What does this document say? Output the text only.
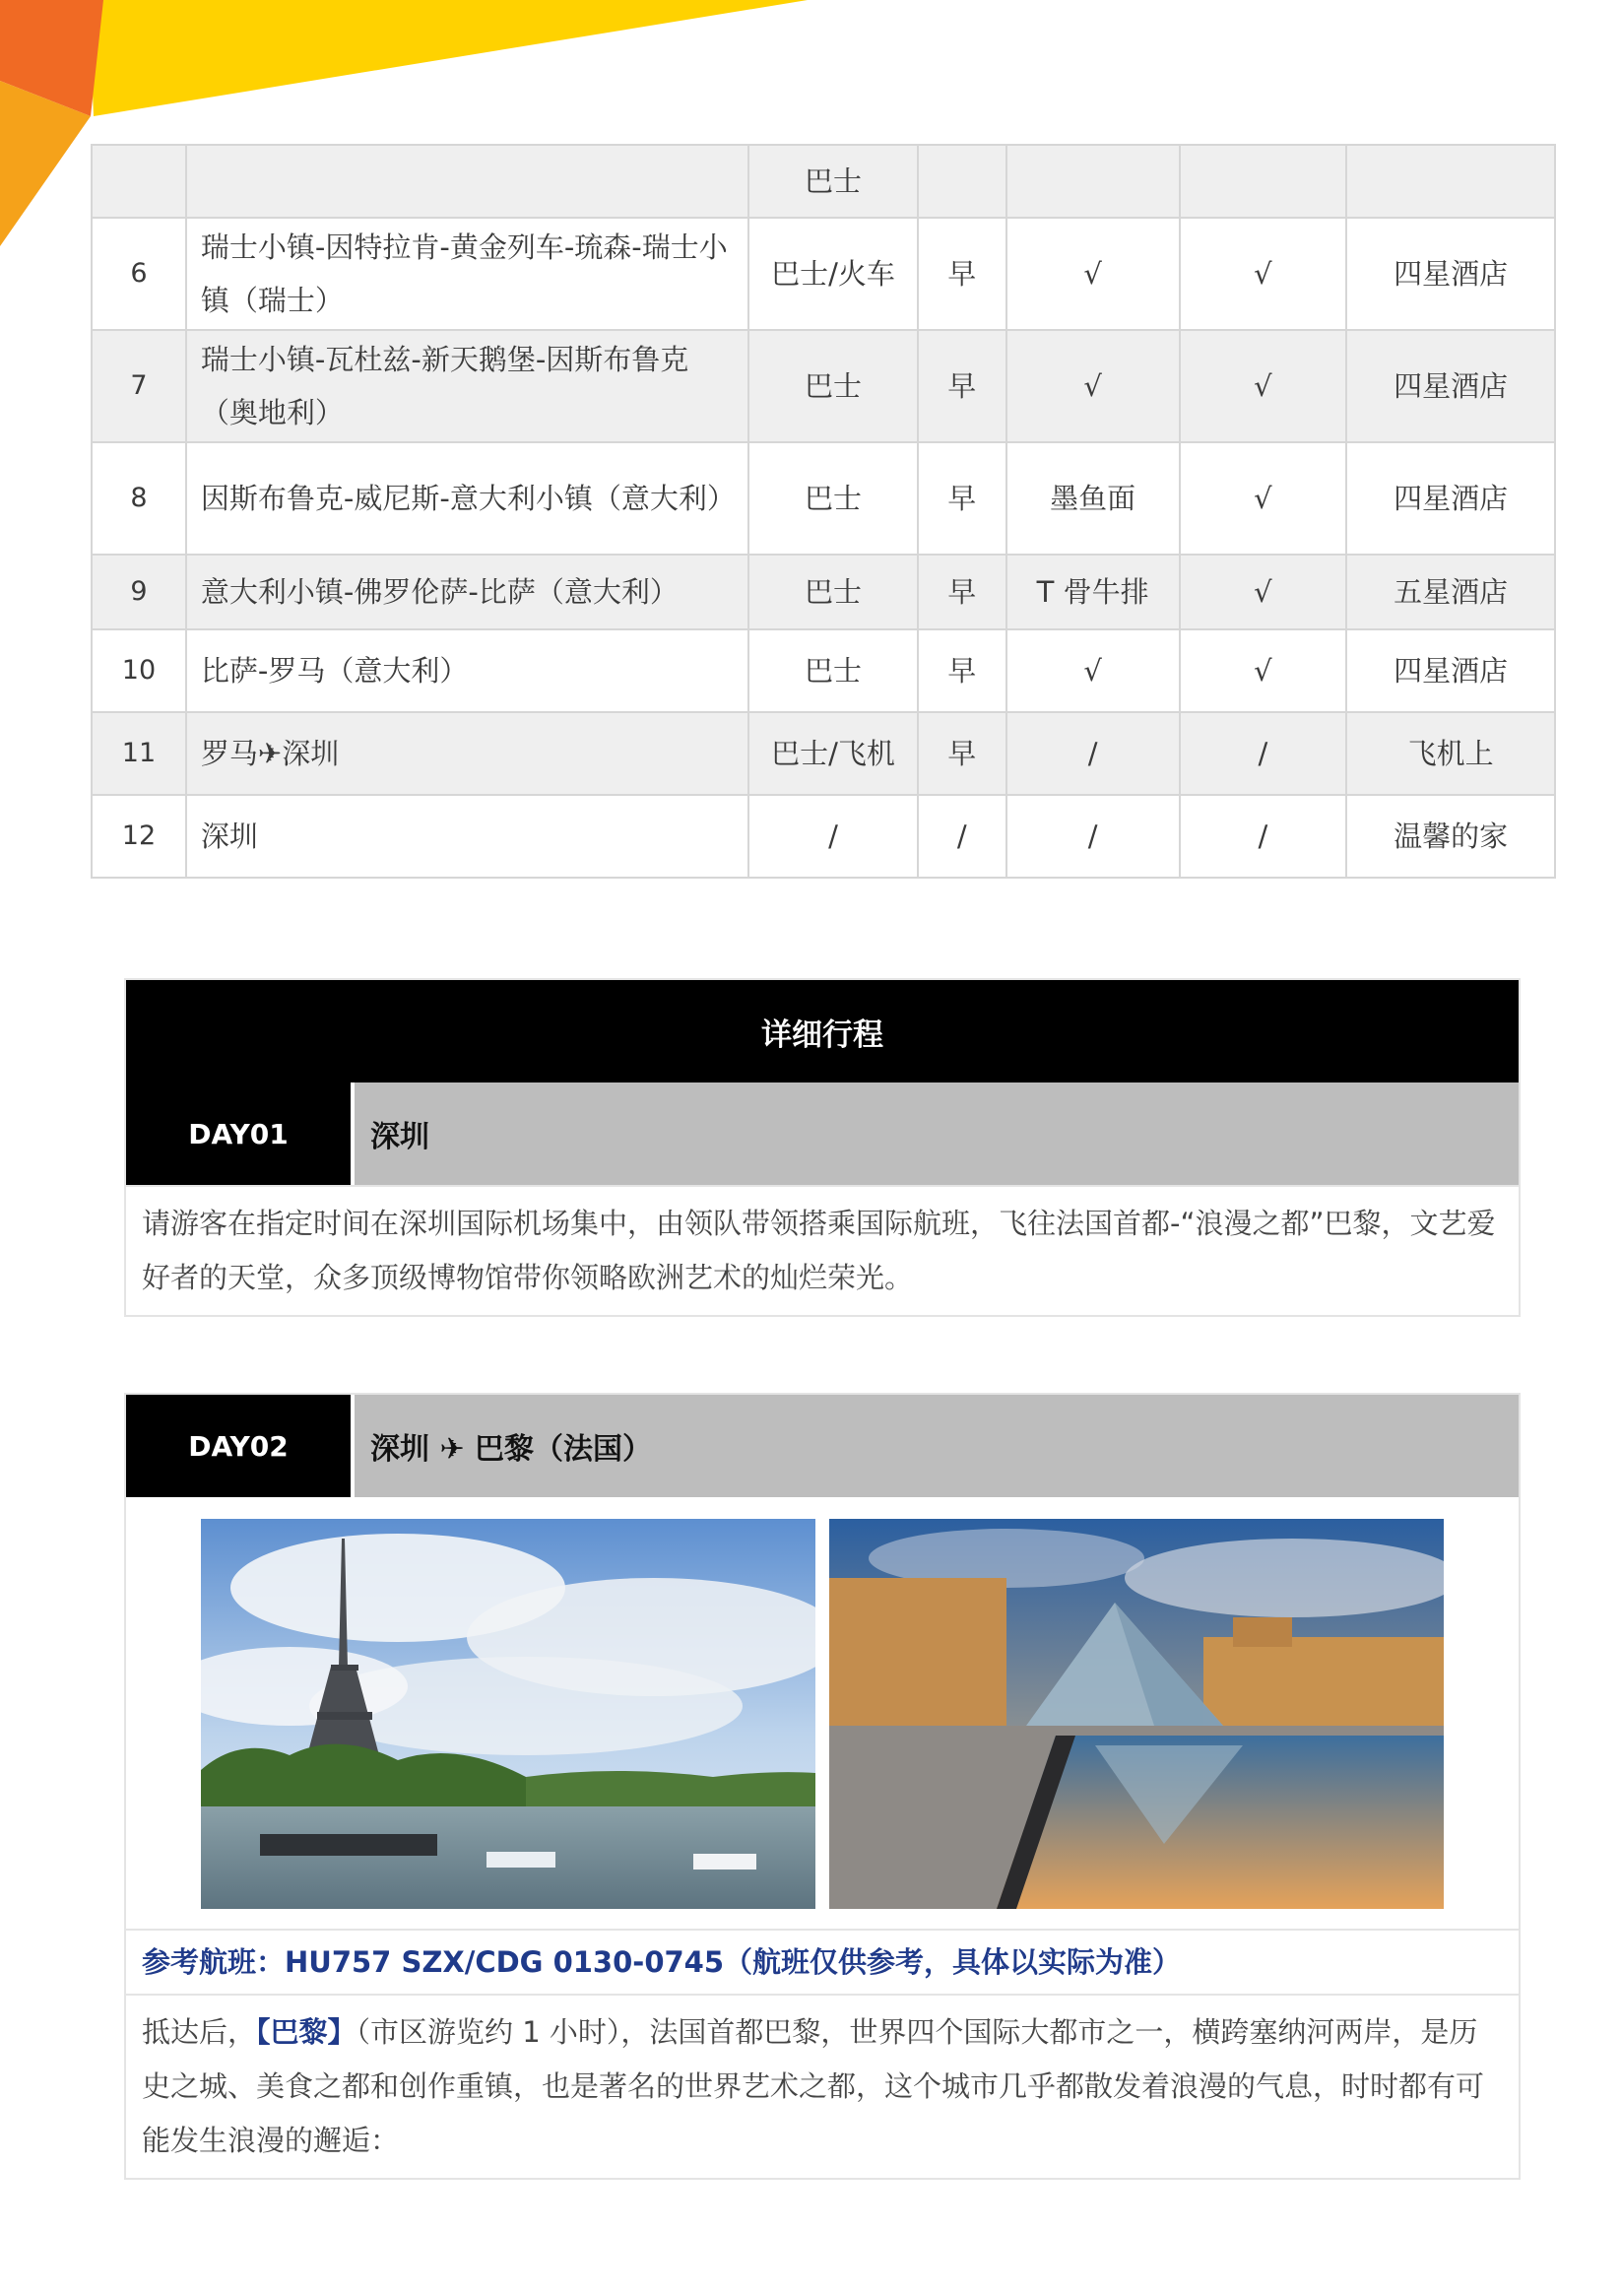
		巴士				
6	瑞士小镇-因特拉肯-黄金列车-琉森-瑞士小镇（瑞士）	巴士/火车	早	√	√	四星酒店
7	瑞士小镇-瓦杜兹-新天鹅堡-因斯布鲁克（奥地利）	巴士	早	√	√	四星酒店
8	因斯布鲁克-威尼斯-意大利小镇（意大利）	巴士	早	墨鱼面	√	四星酒店
9	意大利小镇-佛罗伦萨-比萨（意大利）	巴士	早	T 骨牛排	√	五星酒店
10	比萨-罗马（意大利）	巴士	早	√	√	四星酒店
11	罗马✈深圳	巴士/飞机	早	/	/	飞机上
12	深圳	/	/	/	/	温馨的家
详细行程
DAY01	深圳
请游客在指定时间在深圳国际机场集中，由领队带领搭乘国际航班，飞往法国首都-“浪漫之都”巴黎，文艺爱好者的天堂，众多顶级博物馆带你领略欧洲艺术的灿烂荣光。
DAY02	深圳 ✈ 巴黎（法国）
参考航班：HU757 SZX/CDG 0130-0745（航班仅供参考，具体以实际为准）
抵达后，【巴黎】（市区游览约 1 小时），法国首都巴黎，世界四个国际大都市之一，横跨塞纳河两岸，是历史之城、美食之都和创作重镇，也是著名的世界艺术之都，这个城市几乎都散发着浪漫的气息，时时都有可能发生浪漫的邂逅：
